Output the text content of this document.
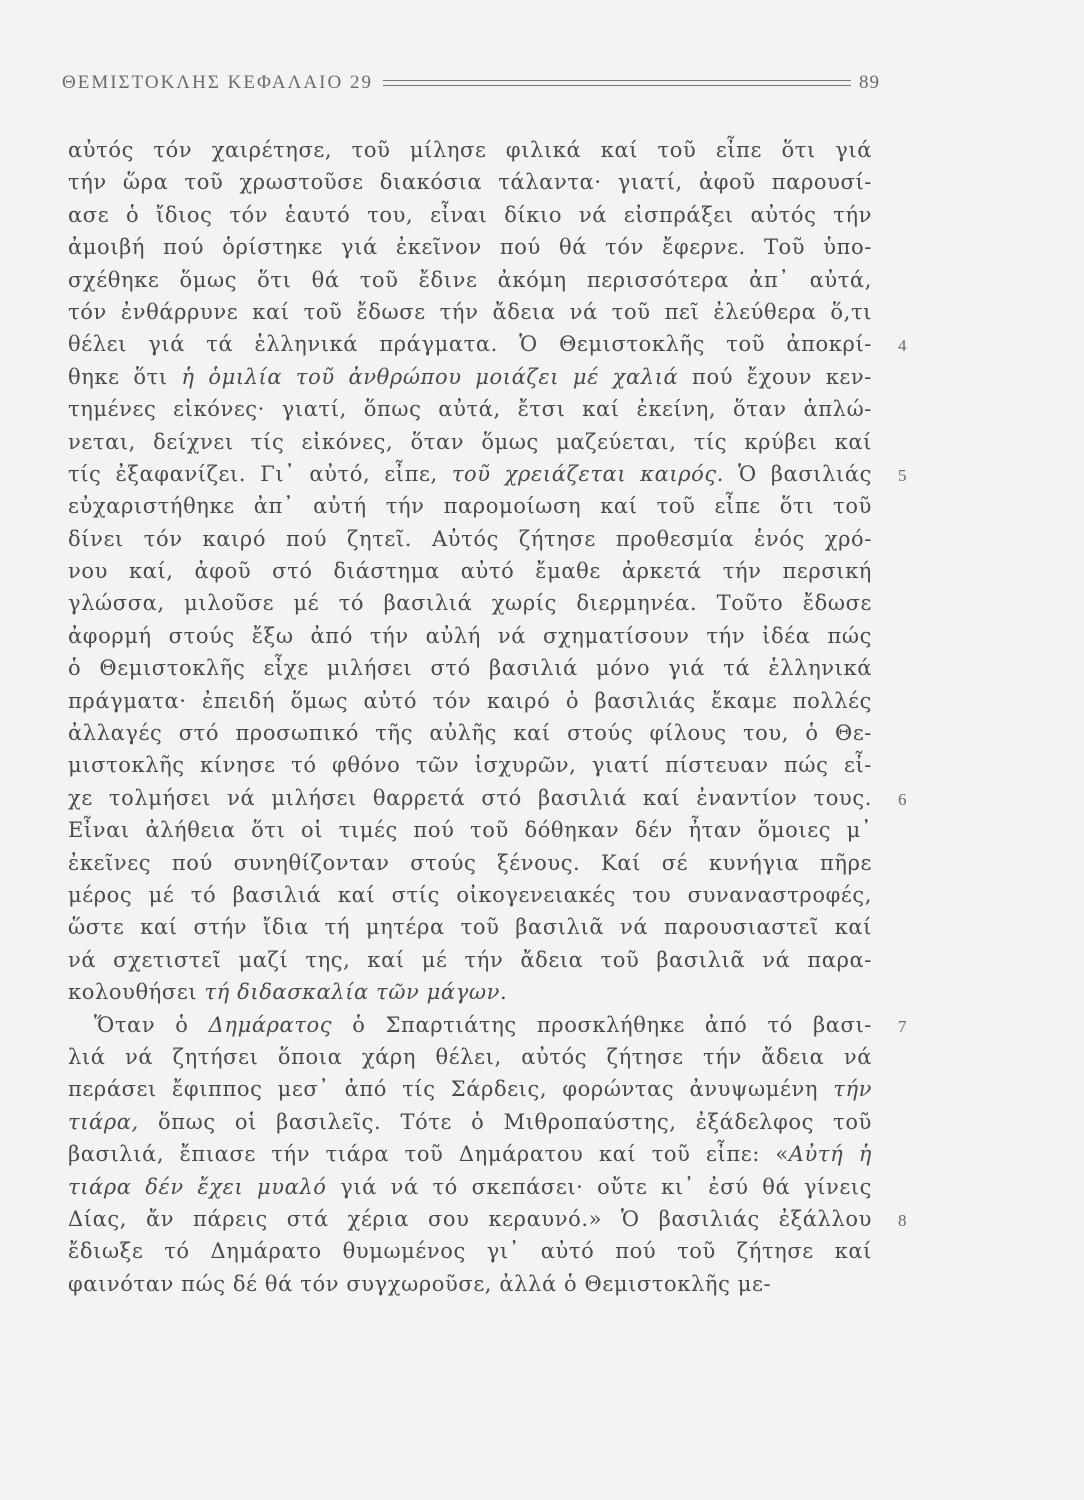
ΘΕΜΙΣΤΟΚΛΗΣ ΚΕΦΑΛΑΙΟ 29	89
αὐτός τόν χαιρέτησε, τοῦ μίλησε φιλικά καί τοῦ εἶπε ὅτι γιά
τήν ὥρα τοῦ χρωστοῦσε διακόσια τάλαντα· γιατί, ἀφοῦ παρουσί-
ασε ὁ ἴδιος τόν ἑαυτό του, εἶναι δίκιο νά εἰσπράξει αὐτός τήν
ἀμοιβή πού ὁρίστηκε γιά ἐκεῖνον πού θά τόν ἔφερνε. Τοῦ ὑπο-
σχέθηκε ὅμως ὅτι θά τοῦ ἔδινε ἀκόμη περισσότερα ἀπ᾿ αὐτά,
τόν ἐνθάρρυνε καί τοῦ ἔδωσε τήν ἄδεια νά τοῦ πεῖ ἐλεύθερα ὅ,τι
θέλει γιά τά ἑλληνικά πράγματα. Ὁ Θεμιστοκλῆς τοῦ ἀποκρί-
θηκε ὅτι ἡ ὁμιλία τοῦ ἀνθρώπου μοιάζει μέ χαλιά πού ἔχουν κεν-
τημένες εἰκόνες· γιατί, ὅπως αὐτά, ἔτσι καί ἐκείνη, ὅταν ἁπλώ-
νεται, δείχνει τίς εἰκόνες, ὅταν ὅμως μαζεύεται, τίς κρύβει καί
τίς ἐξαφανίζει. Γι᾿ αὐτό, εἶπε, τοῦ χρειάζεται καιρός. Ὁ βασιλιάς
εὐχαριστήθηκε ἀπ᾿ αὐτή τήν παρομοίωση καί τοῦ εἶπε ὅτι τοῦ
δίνει τόν καιρό πού ζητεῖ. Αὐτός ζήτησε προθεσμία ἑνός χρό-
νου καί, ἀφοῦ στό διάστημα αὐτό ἔμαθε ἀρκετά τήν περσική
γλώσσα, μιλοῦσε μέ τό βασιλιά χωρίς διερμηνέα. Τοῦτο ἔδωσε
ἀφορμή στούς ἔξω ἀπό τήν αὐλή νά σχηματίσουν τήν ἰδέα πώς
ὁ Θεμιστοκλῆς εἶχε μιλήσει στό βασιλιά μόνο γιά τά ἑλληνικά
πράγματα· ἐπειδή ὅμως αὐτό τόν καιρό ὁ βασιλιάς ἔκαμε πολλές
ἀλλαγές στό προσωπικό τῆς αὐλῆς καί στούς φίλους του, ὁ Θε-
μιστοκλῆς κίνησε τό φθόνο τῶν ἰσχυρῶν, γιατί πίστευαν πώς εἶ-
χε τολμήσει νά μιλήσει θαρρετά στό βασιλιά καί ἐναντίον τους.
Εἶναι ἀλήθεια ὅτι οἱ τιμές πού τοῦ δόθηκαν δέν ἦταν ὅμοιες μ᾿
ἐκεῖνες πού συνηθίζονταν στούς ξένους. Καί σέ κυνήγια πῆρε
μέρος μέ τό βασιλιά καί στίς οἰκογενειακές του συναναστροφές,
ὥστε καί στήν ἴδια τή μητέρα τοῦ βασιλιᾶ νά παρουσιαστεῖ καί
νά σχετιστεῖ μαζί της, καί μέ τήν ἄδεια τοῦ βασιλιᾶ νά παρα-
κολουθήσει τή διδασκαλία τῶν μάγων.
Ὅταν ὁ Δημάρατος ὁ Σπαρτιάτης προσκλήθηκε ἀπό τό βασι-
λιά νά ζητήσει ὅποια χάρη θέλει, αὐτός ζήτησε τήν ἄδεια νά
περάσει ἔφιππος μεσ᾿ ἀπό τίς Σάρδεις, φορώντας ἀνυψωμένη τήν
τιάρα, ὅπως οἱ βασιλεῖς. Τότε ὁ Μιθροπαύστης, ἐξάδελφος τοῦ
βασιλιά, ἔπιασε τήν τιάρα τοῦ Δημάρατου καί τοῦ εἶπε: «Αὐτή ἡ
τιάρα δέν ἔχει μυαλό γιά νά τό σκεπάσει· οὔτε κι᾿ ἐσύ θά γίνεις
Δίας, ἄν πάρεις στά χέρια σου κεραυνό.» Ὁ βασιλιάς ἐξάλλου
ἔδιωξε τό Δημάρατο θυμωμένος γι᾿ αὐτό πού τοῦ ζήτησε καί
φαινόταν πώς δέ θά τόν συγχωροῦσε, ἀλλά ὁ Θεμιστοκλῆς με-
4
5
6
7
8
